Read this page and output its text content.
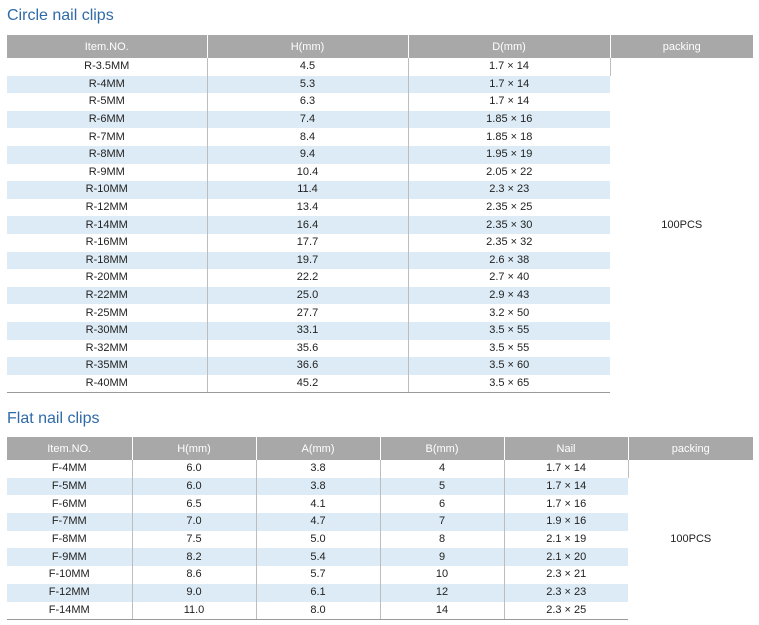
Circle nail clips
Item.NO.	H(mm)	D(mm)	packing
R-3.5MM	4.5	1.7 × 14	100PCS
R-4MM	5.3	1.7 × 14	
R-5MM	6.3	1.7 × 14	
R-6MM	7.4	1.85 × 16	
R-7MM	8.4	1.85 × 18	
R-8MM	9.4	1.95 × 19	
R-9MM	10.4	2.05 × 22	
R-10MM	11.4	2.3 × 23	
R-12MM	13.4	2.35 × 25	
R-14MM	16.4	2.35 × 30	
R-16MM	17.7	2.35 × 32	
R-18MM	19.7	2.6 × 38	
R-20MM	22.2	2.7 × 40	
R-22MM	25.0	2.9 × 43	
R-25MM	27.7	3.2 × 50	
R-30MM	33.1	3.5 × 55	
R-32MM	35.6	3.5 × 55	
R-35MM	36.6	3.5 × 60	
R-40MM	45.2	3.5 × 65	
Flat nail clips
Item.NO.	H(mm)	A(mm)	B(mm)	Nail	packing
F-4MM	6.0	3.8	4	1.7 × 14	100PCS
F-5MM	6.0	3.8	5	1.7 × 14	
F-6MM	6.5	4.1	6	1.7 × 16	
F-7MM	7.0	4.7	7	1.9 × 16	
F-8MM	7.5	5.0	8	2.1 × 19	
F-9MM	8.2	5.4	9	2.1 × 20	
F-10MM	8.6	5.7	10	2.3 × 21	
F-12MM	9.0	6.1	12	2.3 × 23	
F-14MM	11.0	8.0	14	2.3 × 25	
